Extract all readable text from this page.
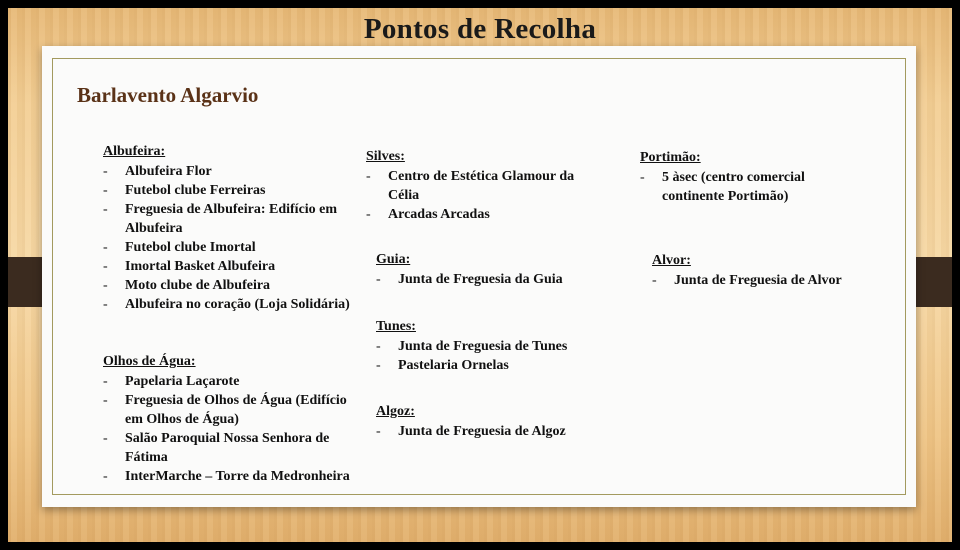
Pontos de Recolha
Barlavento Algarvio
Albufeira:
- Albufeira Flor
- Futebol clube Ferreiras
- Freguesia de Albufeira: Edifício em Albufeira
- Futebol clube Imortal
- Imortal Basket Albufeira
- Moto clube de Albufeira
- Albufeira no coração (Loja Solidária)
Olhos de Água:
- Papelaria Laçarote
- Freguesia de Olhos de Água (Edifício em Olhos de Água)
- Salão Paroquial Nossa Senhora de Fátima
- InterMarche – Torre da Medronheira
Silves:
- Centro de Estética Glamour da Célia
- Arcadas Arcadas
Guia:
- Junta de Freguesia da Guia
Tunes:
- Junta de Freguesia de Tunes
- Pastelaria Ornelas
Algoz:
- Junta de Freguesia de Algoz
Portimão:
- 5 àsec (centro comercial continente Portimão)
Alvor:
- Junta de Freguesia de Alvor
